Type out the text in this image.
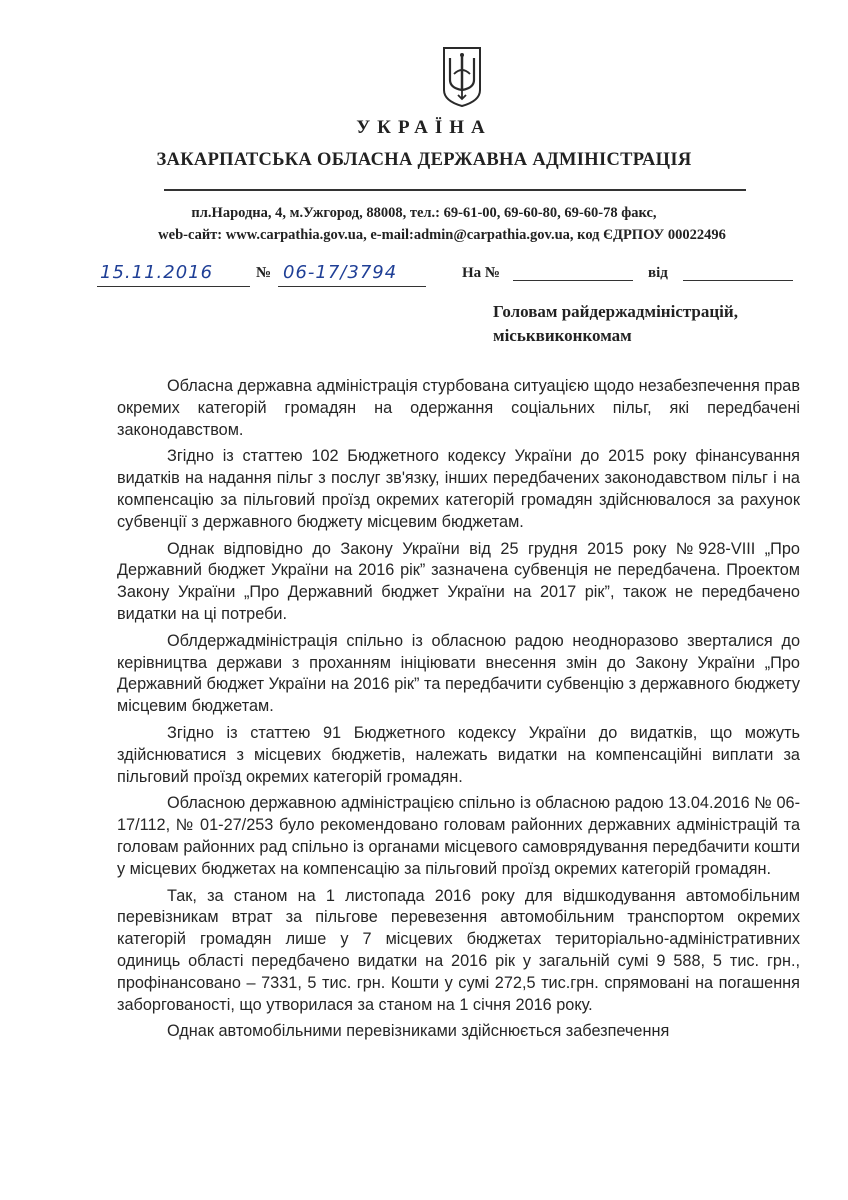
УКРАЇНА
ЗАКАРПАТСЬКА ОБЛАСНА ДЕРЖАВНА АДМІНІСТРАЦІЯ
пл.Народна, 4, м.Ужгород, 88008, тел.: 69-61-00, 69-60-80, 69-60-78 факс,
web-сайт: www.carpathia.gov.ua, e-mail:admin@carpathia.gov.ua, код ЄДРПОУ 00022496
15.11.2016	№ 06-17/3794	На №	від
Головам райдержадміністрацій,
міськвиконкомам

Обласна державна адміністрація стурбована ситуацією щодо незабезпечення прав окремих категорій громадян на одержання соціальних пільг, які передбачені законодавством.

Згідно із статтею 102 Бюджетного кодексу України до 2015 року фінансування видатків на надання пільг з послуг зв'язку, інших передбачених законодавством пільг і на компенсацію за пільговий проїзд окремих категорій громадян здійснювалося за рахунок субвенції з державного бюджету місцевим бюджетам.

Однак відповідно до Закону України від 25 грудня 2015 року №928-VIII „Про Державний бюджет України на 2016 рік” зазначена субвенція не передбачена. Проектом Закону України „Про Державний бюджет України на 2017 рік”, також не передбачено видатки на ці потреби.

Облдержадміністрація спільно із обласною радою неодноразово зверталися до керівництва держави з проханням ініціювати внесення змін до Закону України „Про Державний бюджет України на 2016 рік” та передбачити субвенцію з державного бюджету місцевим бюджетам.

Згідно із статтею 91 Бюджетного кодексу України до видатків, що можуть здійснюватися з місцевих бюджетів, належать видатки на компенсаційні виплати за пільговий проїзд окремих категорій громадян.

Обласною державною адміністрацією спільно із обласною радою 13.04.2016 № 06-17/112, № 01-27/253 було рекомендовано головам районних державних адміністрацій та головам районних рад спільно із органами місцевого самоврядування передбачити кошти у місцевих бюджетах на компенсацію за пільговий проїзд окремих категорій громадян.

Так, за станом на 1 листопада 2016 року для відшкодування автомобільним перевізникам втрат за пільгове перевезення автомобільним транспортом окремих категорій громадян лише у 7 місцевих бюджетах територіально-адміністративних одиниць області передбачено видатки на 2016 рік у загальній сумі 9 588, 5 тис. грн., профінансовано – 7331, 5 тис. грн. Кошти у сумі 272,5 тис.грн. спрямовані на погашення заборгованості, що утворилася за станом на 1 січня 2016 року.

Однак автомобільними перевізниками здійснюється забезпечення
